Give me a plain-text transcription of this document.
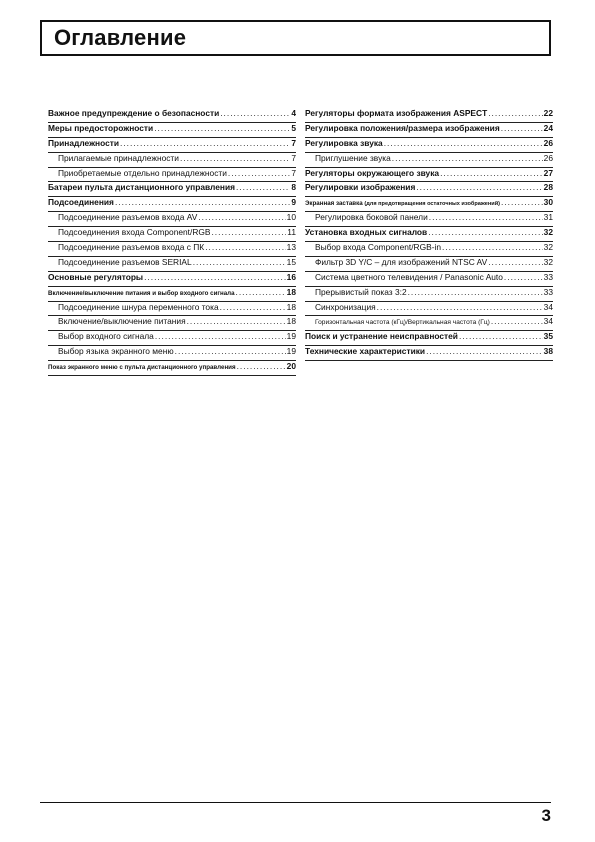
Оглавление
Важное предупреждение о безопасности .....	4
Меры предосторожности .....	5
Принадлежности .....	7
Прилагаемые принадлежности .....	7
Приобретаемые отдельно принадлежности .....	7
Батареи пульта дистанционного управления .....	8
Подсоединения .....	9
Подсоединение разъемов входа AV .....	10
Подсоединения входа Component/RGB .....	11
Подсоединение разъемов входа с ПК .....	13
Подсоединение разъемов SERIAL .....	15
Основные регуляторы .....	16
Включение/выключение питания и выбор входного сигнала .....	18
Подсоединение шнура переменного тока .....	18
Включение/выключение питания .....	18
Выбор входного сигнала .....	19
Выбор языка экранного меню .....	19
Показ экранного меню с пульта дистанционного управления .....	20
Регуляторы формата изображения ASPECT .....	22
Регулировка положения/размера изображения .....	24
Регулировка звука .....	26
Приглушение звука .....	26
Регуляторы окружающего звука .....	27
Регулировки изображения .....	28
Экранная заставка (для предотвращения остаточных изображений) .....	30
Регулировка боковой панели .....	31
Установка входных сигналов .....	32
Выбор входа Component/RGB-in .....	32
Фильтр 3D Y/C – для изображений NTSC AV .....	32
Система цветного телевидения / Panasonic Auto .....	33
Прерывистый показ 3:2 .....	33
Синхронизация .....	34
Горизонтальная частота (кГц)/Вертикальная частота (Гц) .....	34
Поиск и устранение неисправностей .....	35
Технические характеристики .....	38
3
